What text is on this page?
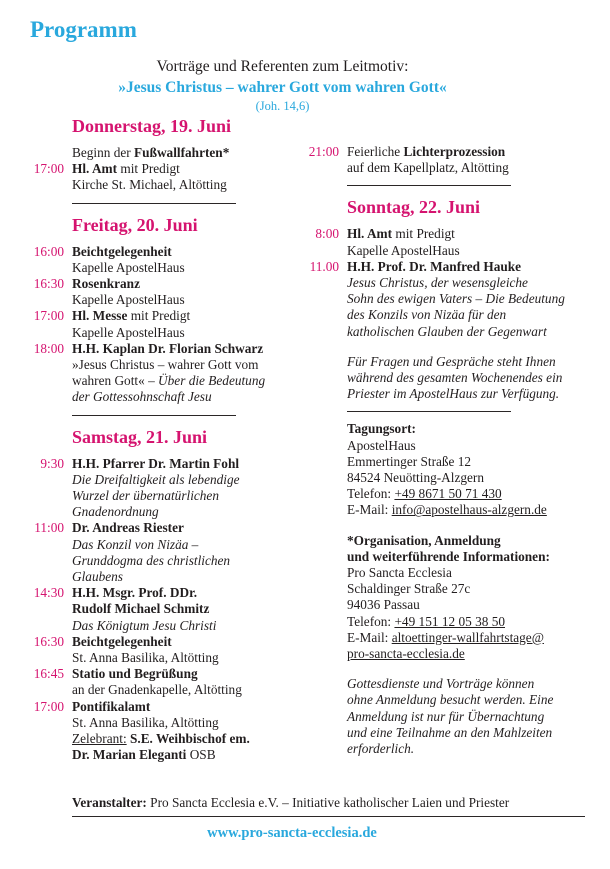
Programm
Vorträge und Referenten zum Leitmotiv:
»Jesus Christus – wahrer Gott vom wahren Gott«
(Joh. 14,6)
Donnerstag, 19. Juni
Beginn der Fußwallfahrten*
17:00 Hl. Amt mit Predigt
Kirche St. Michael, Altötting
Freitag, 20. Juni
16:00 Beichtgelegenheit
Kapelle ApostelHaus
16:30 Rosenkranz
Kapelle ApostelHaus
17:00 Hl. Messe mit Predigt
Kapelle ApostelHaus
18:00 H.H. Kaplan Dr. Florian Schwarz
»Jesus Christus – wahrer Gott vom
wahren Gott« – Über die Bedeutung
der Gottessohnschaft Jesu
Samstag, 21. Juni
9:30 H.H. Pfarrer Dr. Martin Fohl
Die Dreifaltigkeit als lebendige
Wurzel der übernatürlichen
Gnadenordnung
11:00 Dr. Andreas Riester
Das Konzil von Nizäa –
Grunddogma des christlichen
Glaubens
14:30 H.H. Msgr. Prof. DDr.
Rudolf Michael Schmitz
Das Königtum Jesu Christi
16:30 Beichtgelegenheit
St. Anna Basilika, Altötting
16:45 Statio und Begrüßung
an der Gnadenkapelle, Altötting
17:00 Pontifikalamt
St. Anna Basilika, Altötting
Zelebrant: S.E. Weihbischof em.
Dr. Marian Eleganti OSB
21:00 Feierliche Lichterprozession
auf dem Kapellplatz, Altötting
Sonntag, 22. Juni
8:00 Hl. Amt mit Predigt
Kapelle ApostelHaus
11.00 H.H. Prof. Dr. Manfred Hauke
Jesus Christus, der wesensgleiche
Sohn des ewigen Vaters – Die Bedeutung
des Konzils von Nizäa für den
katholischen Glauben der Gegenwart
Für Fragen und Gespräche steht Ihnen
während des gesamten Wochenendes ein
Priester im ApostelHaus zur Verfügung.
Tagungsort:
ApostelHaus
Emmertinger Straße 12
84524 Neuötting-Alzgern
Telefon: +49 8671 50 71 430
E-Mail: info@apostelhaus-alzgern.de
*Organisation, Anmeldung
und weiterführende Informationen:
Pro Sancta Ecclesia
Schaldinger Straße 27c
94036 Passau
Telefon: +49 151 12 05 38 50
E-Mail: altoettinger-wallfahrtstage@
pro-sancta-ecclesia.de
Gottesdienste und Vorträge können
ohne Anmeldung besucht werden. Eine
Anmeldung ist nur für Übernachtung
und eine Teilnahme an den Mahlzeiten
erforderlich.
Veranstalter: Pro Sancta Ecclesia e.V. – Initiative katholischer Laien und Priester
www.pro-sancta-ecclesia.de
